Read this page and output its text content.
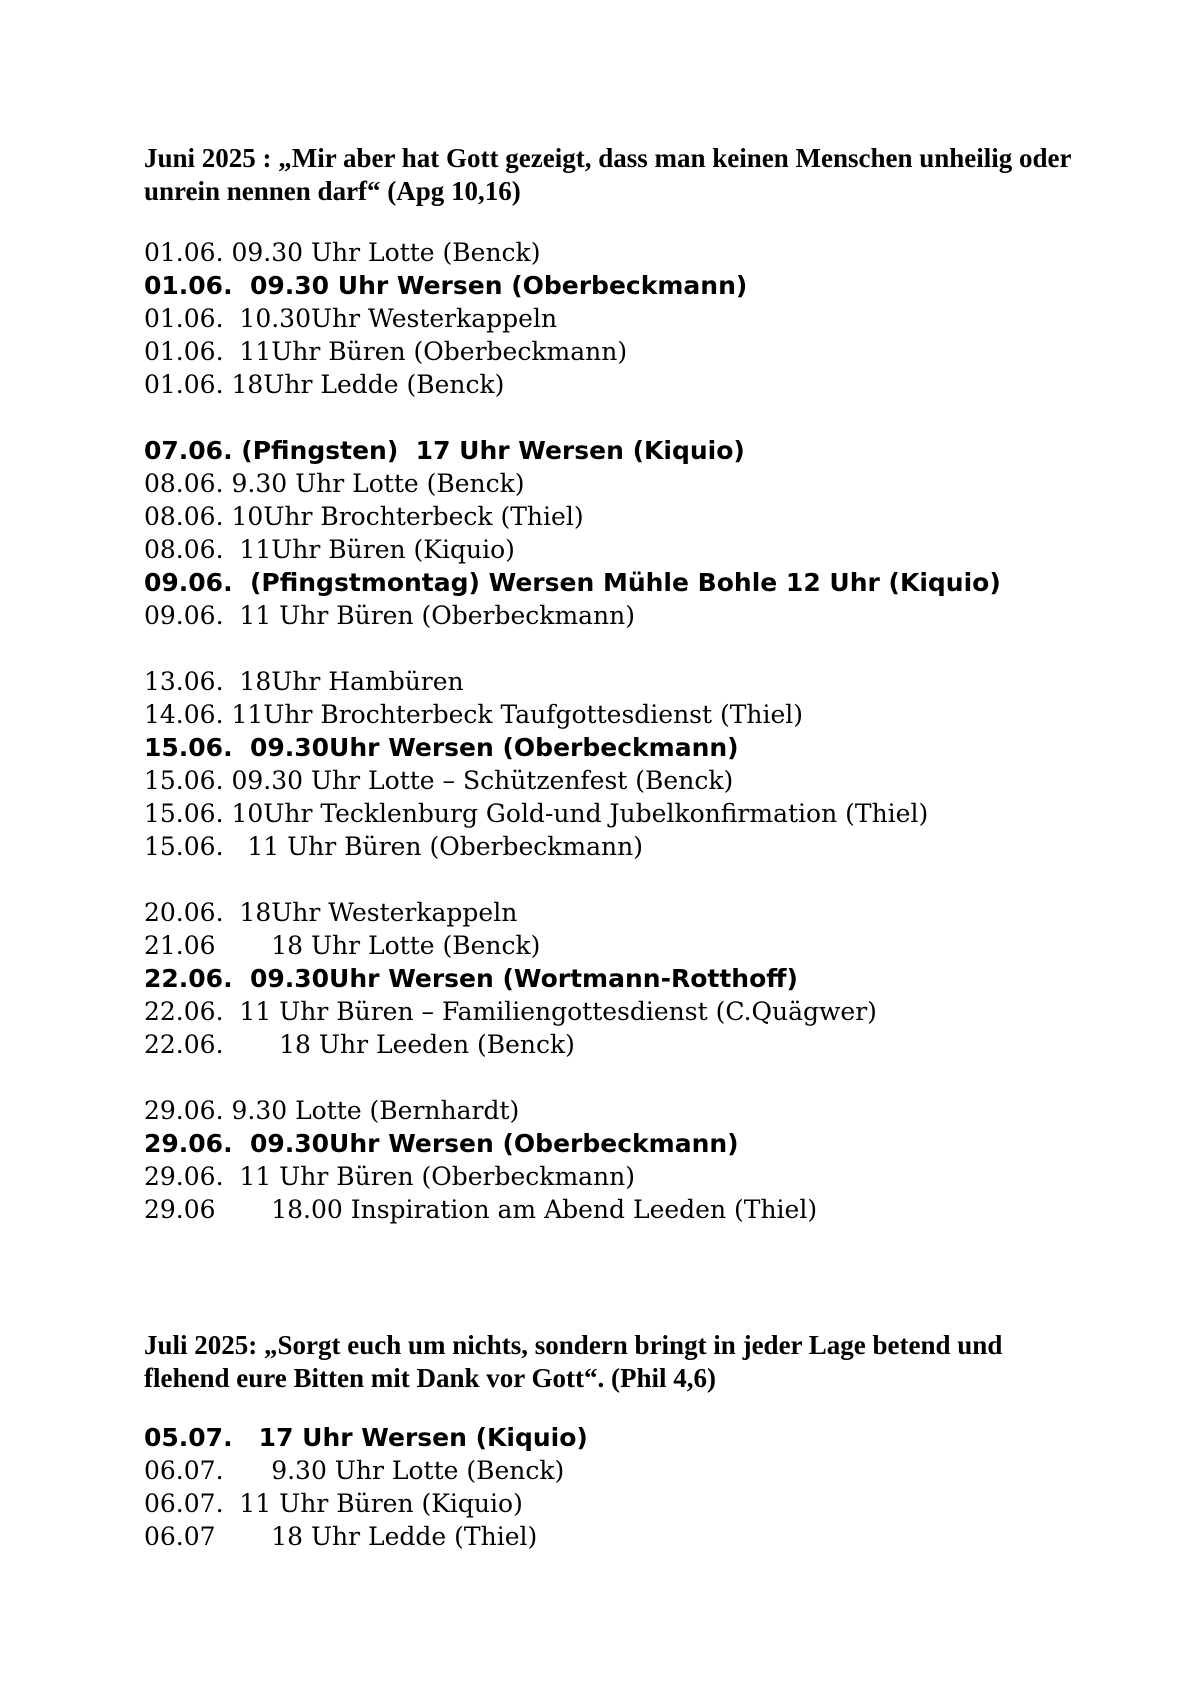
Juni 2025 : „Mir aber hat Gott gezeigt, dass man keinen Menschen unheilig oder unrein nennen darf“ (Apg 10,16)

01.06. 09.30 Uhr Lotte (Benck)
01.06.  09.30 Uhr Wersen (Oberbeckmann)
01.06.  10.30Uhr Westerkappeln
01.06.  11Uhr Büren (Oberbeckmann)
01.06. 18Uhr Ledde (Benck)
07.06. (Pfingsten)  17 Uhr Wersen (Kiquio)
08.06. 9.30 Uhr Lotte (Benck)
08.06. 10Uhr Brochterbeck (Thiel)
08.06.  11Uhr Büren (Kiquio)
09.06.  (Pfingstmontag) Wersen Mühle Bohle 12 Uhr (Kiquio)
09.06.  11 Uhr Büren (Oberbeckmann)
13.06.  18Uhr Hambüren
14.06. 11Uhr Brochterbeck Taufgottesdienst (Thiel)
15.06.  09.30Uhr Wersen (Oberbeckmann)
15.06. 09.30 Uhr Lotte – Schützenfest (Benck)
15.06. 10Uhr Tecklenburg Gold-und Jubelkonfirmation (Thiel)
15.06.   11 Uhr Büren (Oberbeckmann)
20.06.  18Uhr Westerkappeln
21.06       18 Uhr Lotte (Benck)
22.06.  09.30Uhr Wersen (Wortmann-Rotthoff)
22.06.  11 Uhr Büren – Familiengottesdienst (C.Quägwer)
22.06.       18 Uhr Leeden (Benck)
29.06. 9.30 Lotte (Bernhardt)
29.06.  09.30Uhr Wersen (Oberbeckmann)
29.06.  11 Uhr Büren (Oberbeckmann)
29.06       18.00 Inspiration am Abend Leeden (Thiel)

Juli 2025: „Sorgt euch um nichts, sondern bringt in jeder Lage betend und flehend eure Bitten mit Dank vor Gott“. (Phil 4,6)

05.07.   17 Uhr Wersen (Kiquio)
06.07.      9.30 Uhr Lotte (Benck)
06.07.  11 Uhr Büren (Kiquio)
06.07       18 Uhr Ledde (Thiel)
